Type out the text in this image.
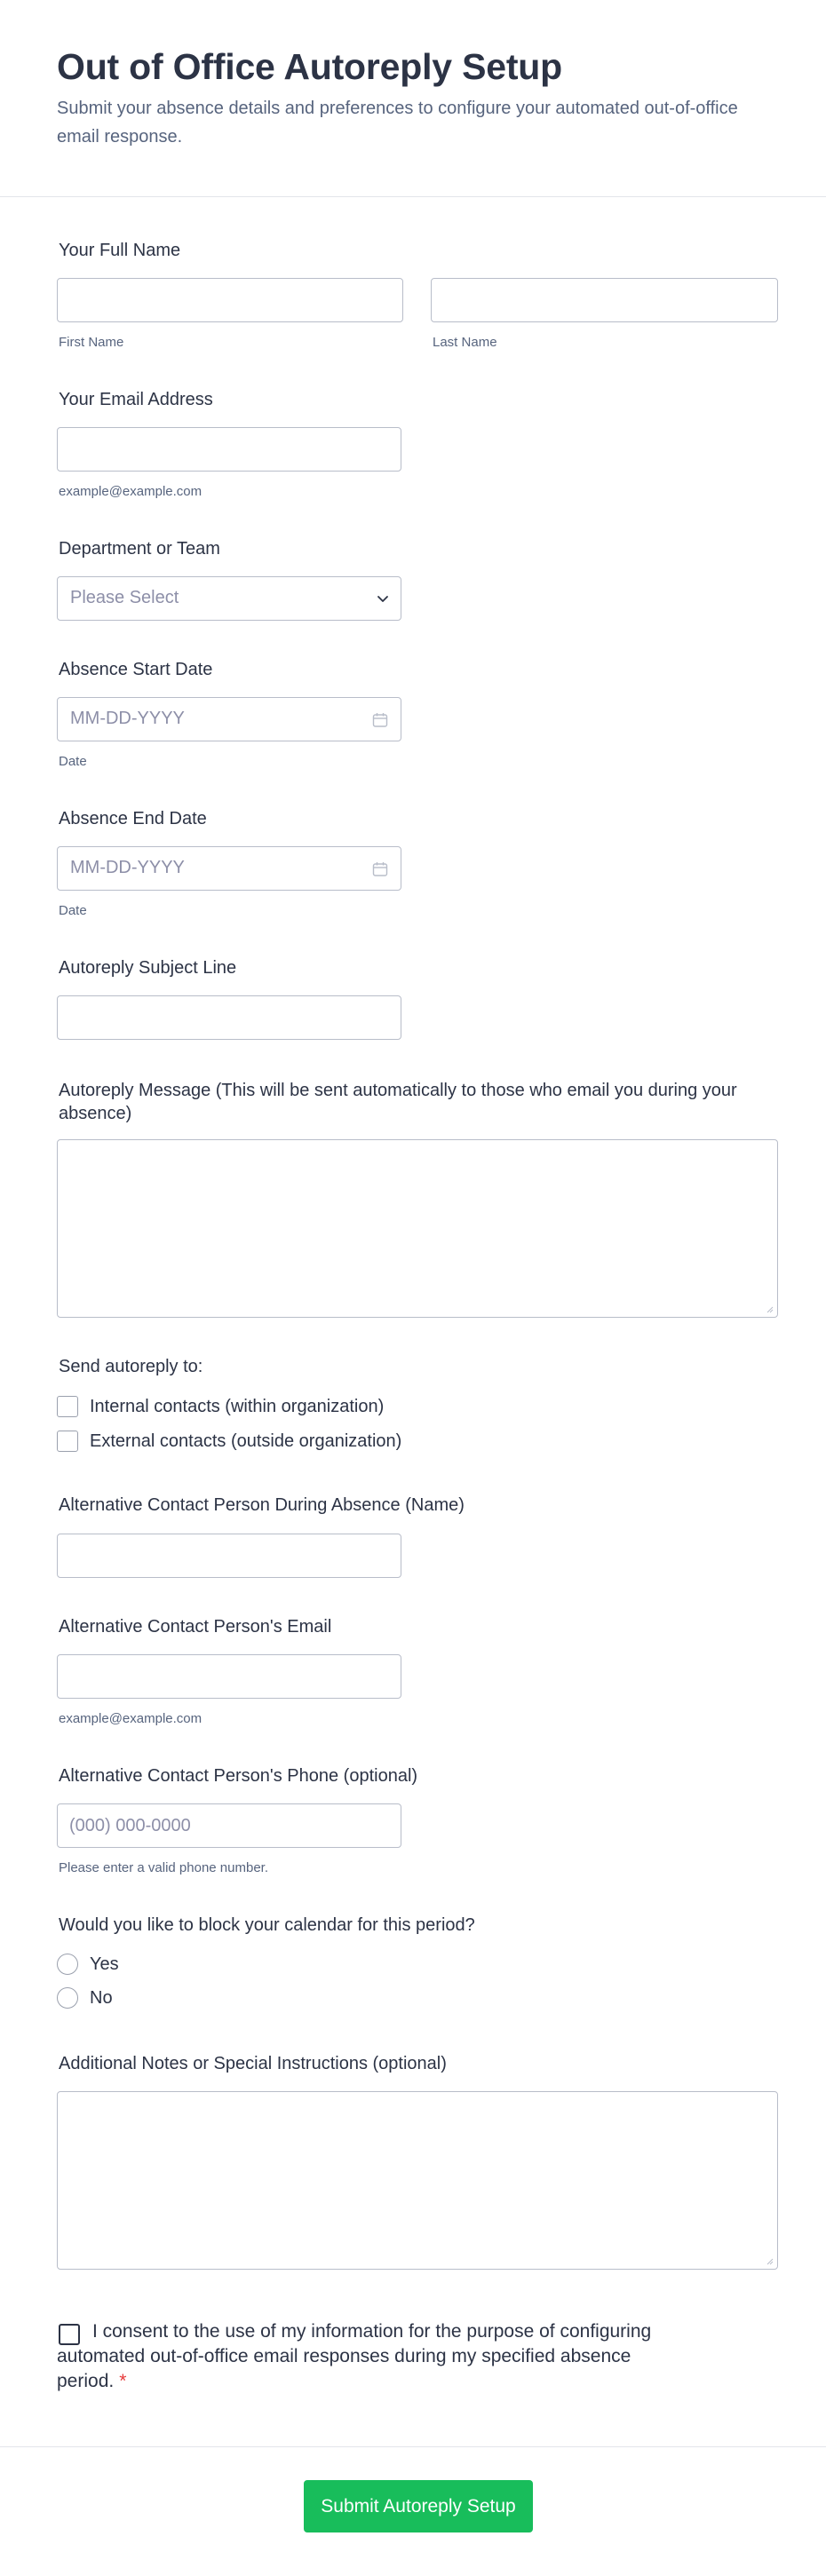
Out of Office Autoreply Setup

Submit your absence details and preferences to configure your automated out-of-office email response.

Your Full Name
First Name	Last Name
Your Email Address
example@example.com
Department or Team
Please Select
Absence Start Date
MM-DD-YYYY
Date
Absence End Date
MM-DD-YYYY
Date
Autoreply Subject Line
Autoreply Message (This will be sent automatically to those who email you during your absence)
Send autoreply to:
Internal contacts (within organization)
External contacts (outside organization)
Alternative Contact Person During Absence (Name)
Alternative Contact Person's Email
example@example.com
Alternative Contact Person's Phone (optional)
(000) 000-0000
Please enter a valid phone number.
Would you like to block your calendar for this period?
Yes
No
Additional Notes or Special Instructions (optional)

I consent to the use of my information for the purpose of configuring automated out-of-office email responses during my specified absence period. *

Submit Autoreply Setup
